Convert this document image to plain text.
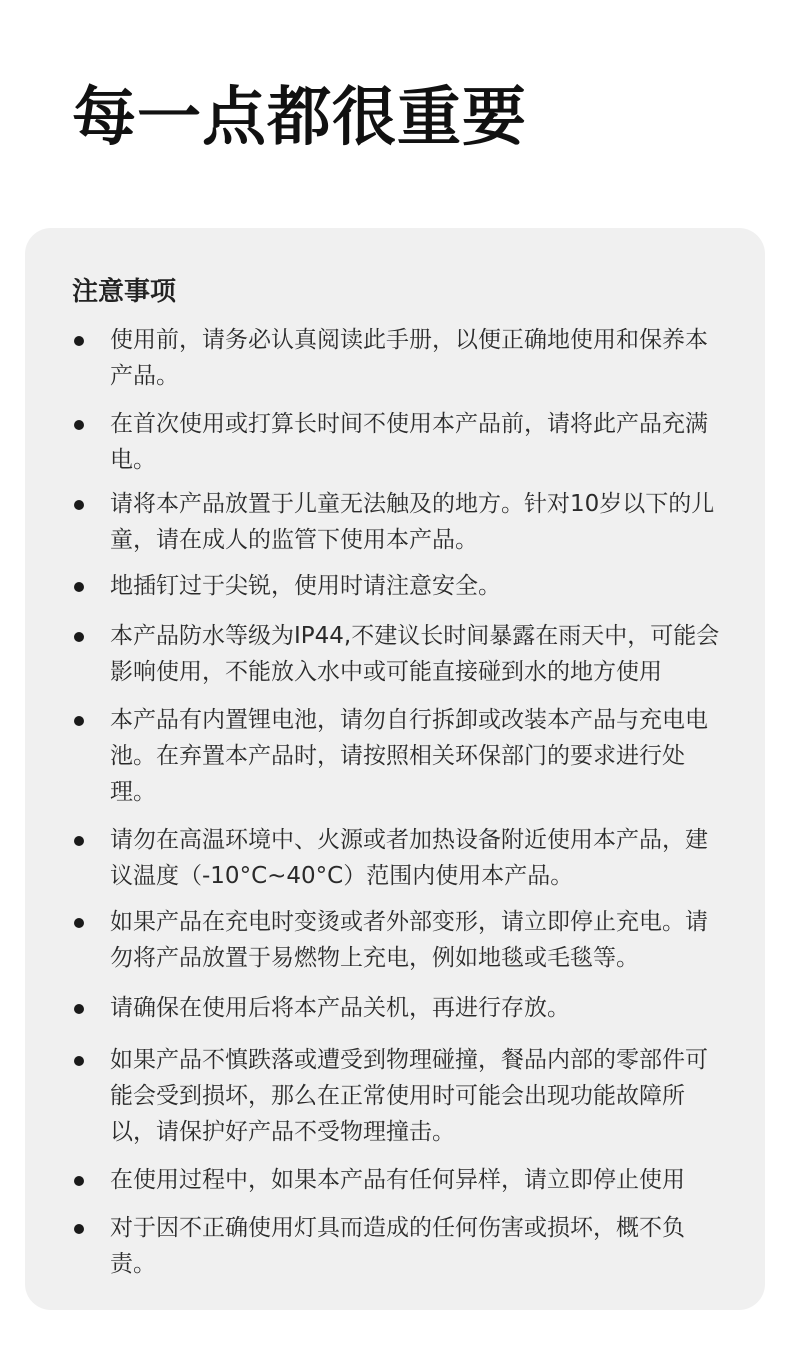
每一点都很重要
注意事项
使用前，请务必认真阅读此手册，以便正确地使用和保养本产品。
在首次使用或打算长时间不使用本产品前，请将此产品充满电。
请将本产品放置于儿童无法触及的地方。针对10岁以下的儿童，请在成人的监管下使用本产品。
地插钉过于尖锐，使用时请注意安全。
本产品防水等级为IP44,不建议长时间暴露在雨天中，可能会影响使用，不能放入水中或可能直接碰到水的地方使用
本产品有内置锂电池，请勿自行拆卸或改装本产品与充电电池。在弃置本产品时，请按照相关环保部门的要求进行处理。
请勿在高温环境中、火源或者加热设备附近使用本产品，建议温度（-10°C~40°C）范围内使用本产品。
如果产品在充电时变烫或者外部变形，请立即停止充电。请勿将产品放置于易燃物上充电，例如地毯或毛毯等。
请确保在使用后将本产品关机，再进行存放。
如果产品不慎跌落或遭受到物理碰撞，餐品内部的零部件可能会受到损坏，那么在正常使用时可能会出现功能故障所以，请保护好产品不受物理撞击。
在使用过程中，如果本产品有任何异样，请立即停止使用
对于因不正确使用灯具而造成的任何伤害或损坏，概不负责。
